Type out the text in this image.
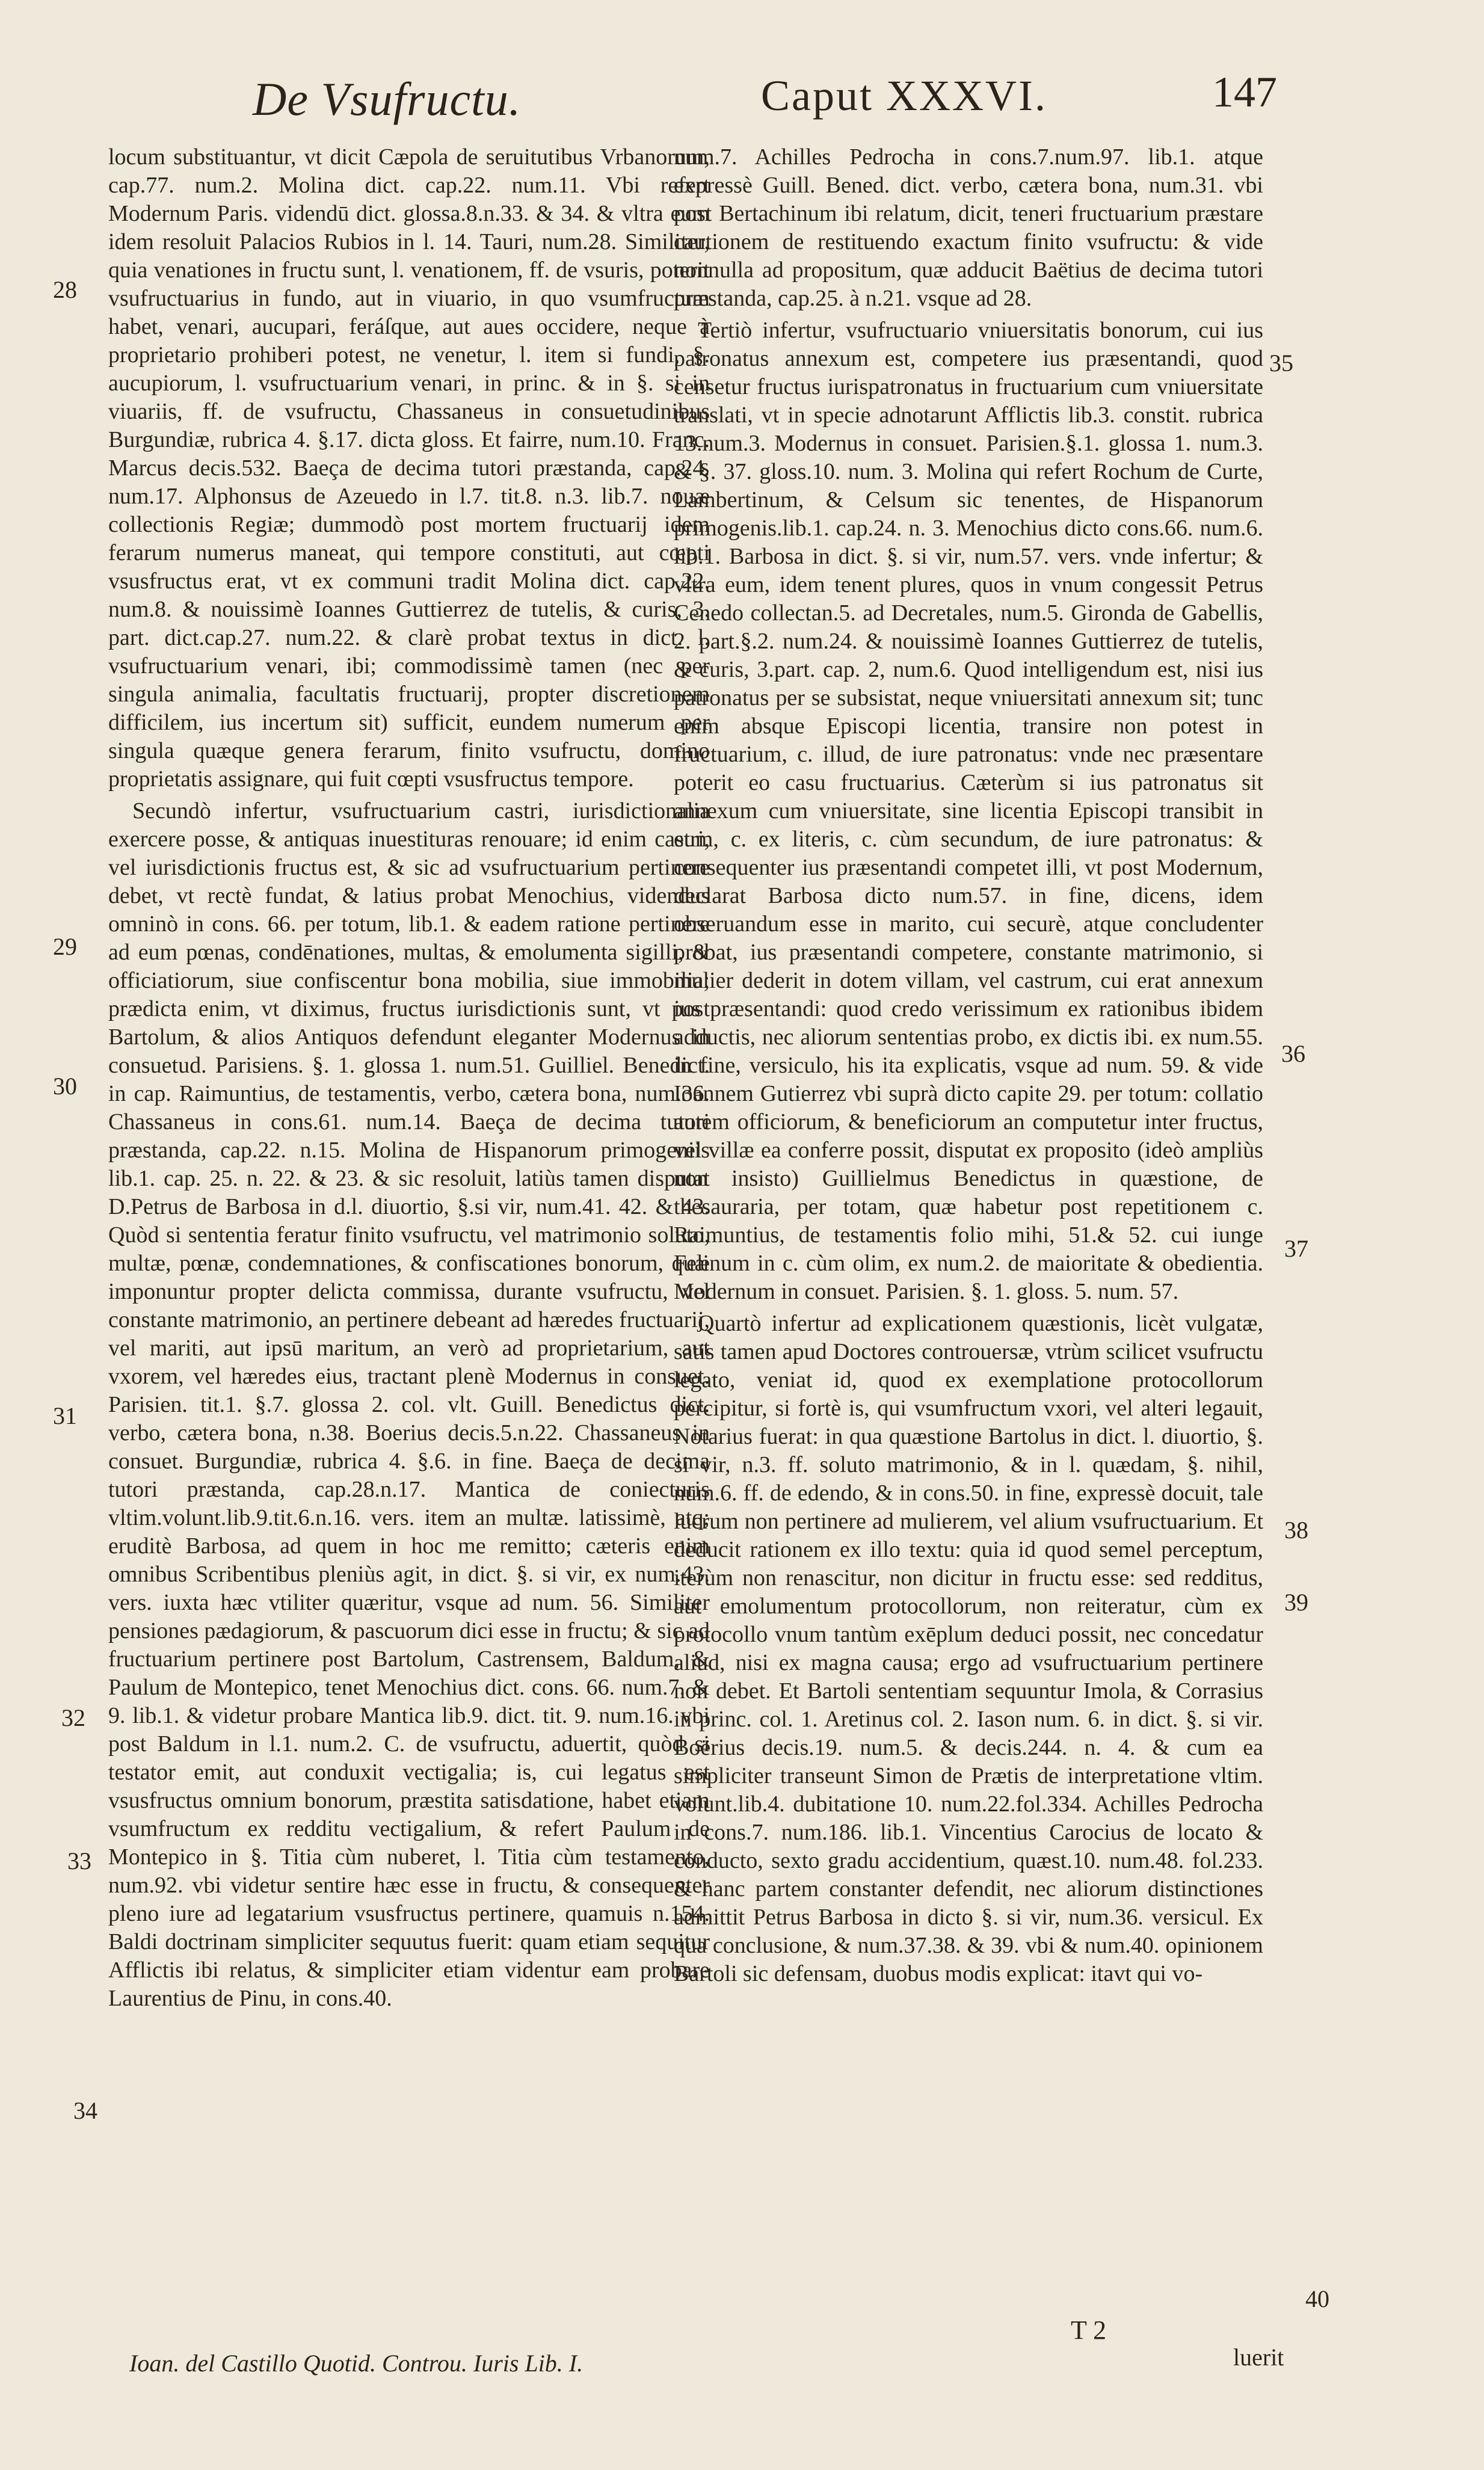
De Vsufructu.	Caput XXXVI.	147

locum substituantur, vt dicit Cæpola de seruitutibus Vrbanorum, cap.77. num.2. Molina dict. cap.22. num.11. Vbi refert Modernum Paris. videndū dict. glossa.8.n.33. & 34. & vltra eum idem resoluit Palacios Rubios in l. 14. Tauri, num.28. Similiter, quia venationes in fructu sunt, l. venationem, ff. de vsuris, poterit vsufructuarius in fundo, aut in viuario, in quo vsumfructum habet, venari, aucupari, feráſque, aut aues occidere, neque à proprietario prohiberi potest, ne venetur, l. item si fundi, §. aucupiorum, l. vsufructuarium venari, in princ. & in §. si in viuariis, ff. de vsufructu, Chassaneus in consuetudinibus Burgundiæ, rubrica 4. §.17. dicta gloss. Et fairre, num.10. Franc. Marcus decis.532. Baeça de decima tutori præstanda, cap.24. num.17. Alphonsus de Azeuedo in l.7. tit.8. n.3. lib.7. nouæ collectionis Regiæ; dummodò post mortem fructuarij idem ferarum numerus maneat, qui tempore constituti, aut cœpti vsusfructus erat, vt ex communi tradit Molina dict. cap.22. num.8. & nouissimè Ioannes Guttierrez de tutelis, & curis, 3. part. dict.cap.27. num.22. & clarè probat textus in dict. l. vsufructuarium venari, ibi; commodissimè tamen (nec per singula animalia, facultatis fructuarij, propter discretionem difficilem, ius incertum sit) sufficit, eundem numerum per singula quæque genera ferarum, finito vsufructu, domino proprietatis assignare, qui fuit cœpti vsusfructus tempore.

Secundò infertur, vsufructuarium castri, iurisdictionalia exercere posse, & antiquas inuestituras renouare; id enim castri, vel iurisdictionis fructus est, & sic ad vsufructuarium pertinere debet, vt rectè fundat, & latius probat Menochius, videndus omninò in cons. 66. per totum, lib.1. & eadem ratione pertinere ad eum pœnas, condēnationes, multas, & emolumenta sigilli, & officiatiorum, siue confiscentur bona mobilia, siue immobilia; prædicta enim, vt diximus, fructus iurisdictionis sunt, vt post Bartolum, & alios Antiquos defendunt eleganter Modernus in consuetud. Parisiens. §. 1. glossa 1. num.51. Guilliel. Benedict. in cap. Raimuntius, de testamentis, verbo, cætera bona, num.36. Chassaneus in cons.61. num.14. Baeça de decima tutori præstanda, cap.22. n.15. Molina de Hispanorum primogeniis lib.1. cap. 25. n. 22. & 23. & sic resoluit, latiùs tamen disputat D.Petrus de Barbosa in d.l. diuortio, §.si vir, num.41. 42. & 43. Quòd si sententia feratur finito vsufructu, vel matrimonio soluto, multæ, pœnæ, condemnationes, & confiscationes bonorum, quæ imponuntur propter delicta commissa, durante vsufructu, vel constante matrimonio, an pertinere debeant ad hæredes fructuarij, vel mariti, aut ipsū maritum, an verò ad proprietarium, aut vxorem, vel hæredes eius, tractant plenè Modernus in consuet. Parisien. tit.1. §.7. glossa 2. col. vlt. Guill. Benedictus dict. verbo, cætera bona, n.38. Boerius decis.5.n.22. Chassaneus in consuet. Burgundiæ, rubrica 4. §.6. in fine. Baeça de decima tutori præstanda, cap.28.n.17. Mantica de coniecturis vltim.volunt.lib.9.tit.6.n.16. vers. item an multæ. latissimè, atq; eruditè Barbosa, ad quem in hoc me remitto; cæteris enim omnibus Scribentibus pleniùs agit, in dict. §. si vir, ex num.43. vers. iuxta hæc vtiliter quæritur, vsque ad num. 56. Similiter pensiones pædagiorum, & pascuorum dici esse in fructu; & sic ad fructuarium pertinere post Bartolum, Castrensem, Baldum, & Paulum de Montepico, tenet Menochius dict. cons. 66. num.7. & 9. lib.1. & videtur probare Mantica lib.9. dict. tit. 9. num.16. vbi post Baldum in l.1. num.2. C. de vsufructu, aduertit, quòd si testator emit, aut conduxit vectigalia; is, cui legatus est vsusfructus omnium bonorum, præstita satisdatione, habet etiam vsumfructum ex redditu vectigalium, & refert Paulum de Montepico in §. Titia cùm nuberet, l. Titia cùm testamento, num.92. vbi videtur sentire hæc esse in fructu, & consequenter pleno iure ad legatarium vsusfructus pertinere, quamuis n.154. Baldi doctrinam simpliciter sequutus fuerit: quam etiam sequitur Afflictis ibi relatus, & simpliciter etiam videntur eam probare Laurentius de Pinu, in cons.40.

num.7. Achilles Pedrocha in cons.7.num.97. lib.1. atque expressè Guill. Bened. dict. verbo, cætera bona, num.31. vbi post Bertachinum ibi relatum, dicit, teneri fructuarium præstare cautionem de restituendo exactum finito vsufructu: & vide nonnulla ad propositum, quæ adducit Baëtius de decima tutori præstanda, cap.25. à n.21. vsque ad 28.

Tertiò infertur, vsufructuario vniuersitatis bonorum, cui ius patronatus annexum est, competere ius præsentandi, quod censetur fructus iurispatronatus in fructuarium cum vniuersitate translati, vt in specie adnotarunt Afflictis lib.3. constit. rubrica 13.num.3. Modernus in consuet. Parisien.§.1. glossa 1. num.3. & §. 37. gloss.10. num. 3. Molina qui refert Rochum de Curte, Lambertinum, & Celsum sic tenentes, de Hispanorum primogenis.lib.1. cap.24. n. 3. Menochius dicto cons.66. num.6. lib.1. Barbosa in dict. §. si vir, num.57. vers. vnde infertur; & vltra eum, idem tenent plures, quos in vnum congessit Petrus Cenedo collectan.5. ad Decretales, num.5. Gironda de Gabellis, 2. part.§.2. num.24. & nouissimè Ioannes Guttierrez de tutelis, & curis, 3.part. cap. 2, num.6. Quod intelligendum est, nisi ius patronatus per se subsistat, neque vniuersitati annexum sit; tunc enim absque Episcopi licentia, transire non potest in fructuarium, c. illud, de iure patronatus: vnde nec præsentare poterit eo casu fructuarius. Cæterùm si ius patronatus sit annexum cum vniuersitate, sine licentia Episcopi transibit in eum, c. ex literis, c. cùm secundum, de iure patronatus: & consequenter ius præsentandi competet illi, vt post Modernum, declarat Barbosa dicto num.57. in fine, dicens, idem obseruandum esse in marito, cui securè, atque concludenter probat, ius præsentandi competere, constante matrimonio, si mulier dederit in dotem villam, vel castrum, cui erat annexum ius præsentandi: quod credo verissimum ex rationibus ibidem adductis, nec aliorum sententias probo, ex dictis ibi. ex num.55. in fine, versiculo, his ita explicatis, vsque ad num. 59. & vide Ioannem Gutierrez vbi suprà dicto capite 29. per totum: collatio autem officiorum, & beneficiorum an computetur inter fructus, vel villæ ea conferre possit, disputat ex proposito (ideò ampliùs non insisto) Guillielmus Benedictus in quæstione, de thesauraria, per totam, quæ habetur post repetitionem c. Raimuntius, de testamentis folio mihi, 51.& 52. cui iunge Felinum in c. cùm olim, ex num.2. de maioritate & obedientia. Modernum in consuet. Parisien. §. 1. gloss. 5. num. 57.

Quartò infertur ad explicationem quæstionis, licèt vulgatæ, satis tamen apud Doctores controuersæ, vtrùm scilicet vsufructu legato, veniat id, quod ex exemplatione protocollorum percipitur, si fortè is, qui vsumfructum vxori, vel alteri legauit, Notarius fuerat: in qua quæstione Bartolus in dict. l. diuortio, §. si vir, n.3. ff. soluto matrimonio, & in l. quædam, §. nihil, num.6. ff. de edendo, & in cons.50. in fine, expressè docuit, tale lucrum non pertinere ad mulierem, vel alium vsufructuarium. Et deducit rationem ex illo textu: quia id quod semel perceptum, iterùm non renascitur, non dicitur in fructu esse: sed redditus, aut emolumentum protocollorum, non reiteratur, cùm ex protocollo vnum tantùm exēplum deduci possit, nec concedatur aliud, nisi ex magna causa; ergo ad vsufructuarium pertinere non debet. Et Bartoli sententiam sequuntur Imola, & Corrasius in princ. col. 1. Aretinus col. 2. Iason num. 6. in dict. §. si vir. Boërius decis.19. num.5. & decis.244. n. 4. & cum ea simpliciter transeunt Simon de Prætis de interpretatione vltim. volunt.lib.4. dubitatione 10. num.22.fol.334. Achilles Pedrocha in cons.7. num.186. lib.1. Vincentius Carocius de locato & conducto, sexto gradu accidentium, quæst.10. num.48. fol.233. & hanc partem constanter defendit, nec aliorum distinctiones admittit Petrus Barbosa in dicto §. si vir, num.36. versicul. Ex qua conclusione, & num.37.38. & 39. vbi & num.40. opinionem Bartoli sic defensam, duobus modis explicat: itavt qui vo-

28
29
30
31
32
33
34
35
36
37
38
39
40
Ioan. del Castillo Quotid. Controu. Iuris Lib. I.
T 2
luerit
